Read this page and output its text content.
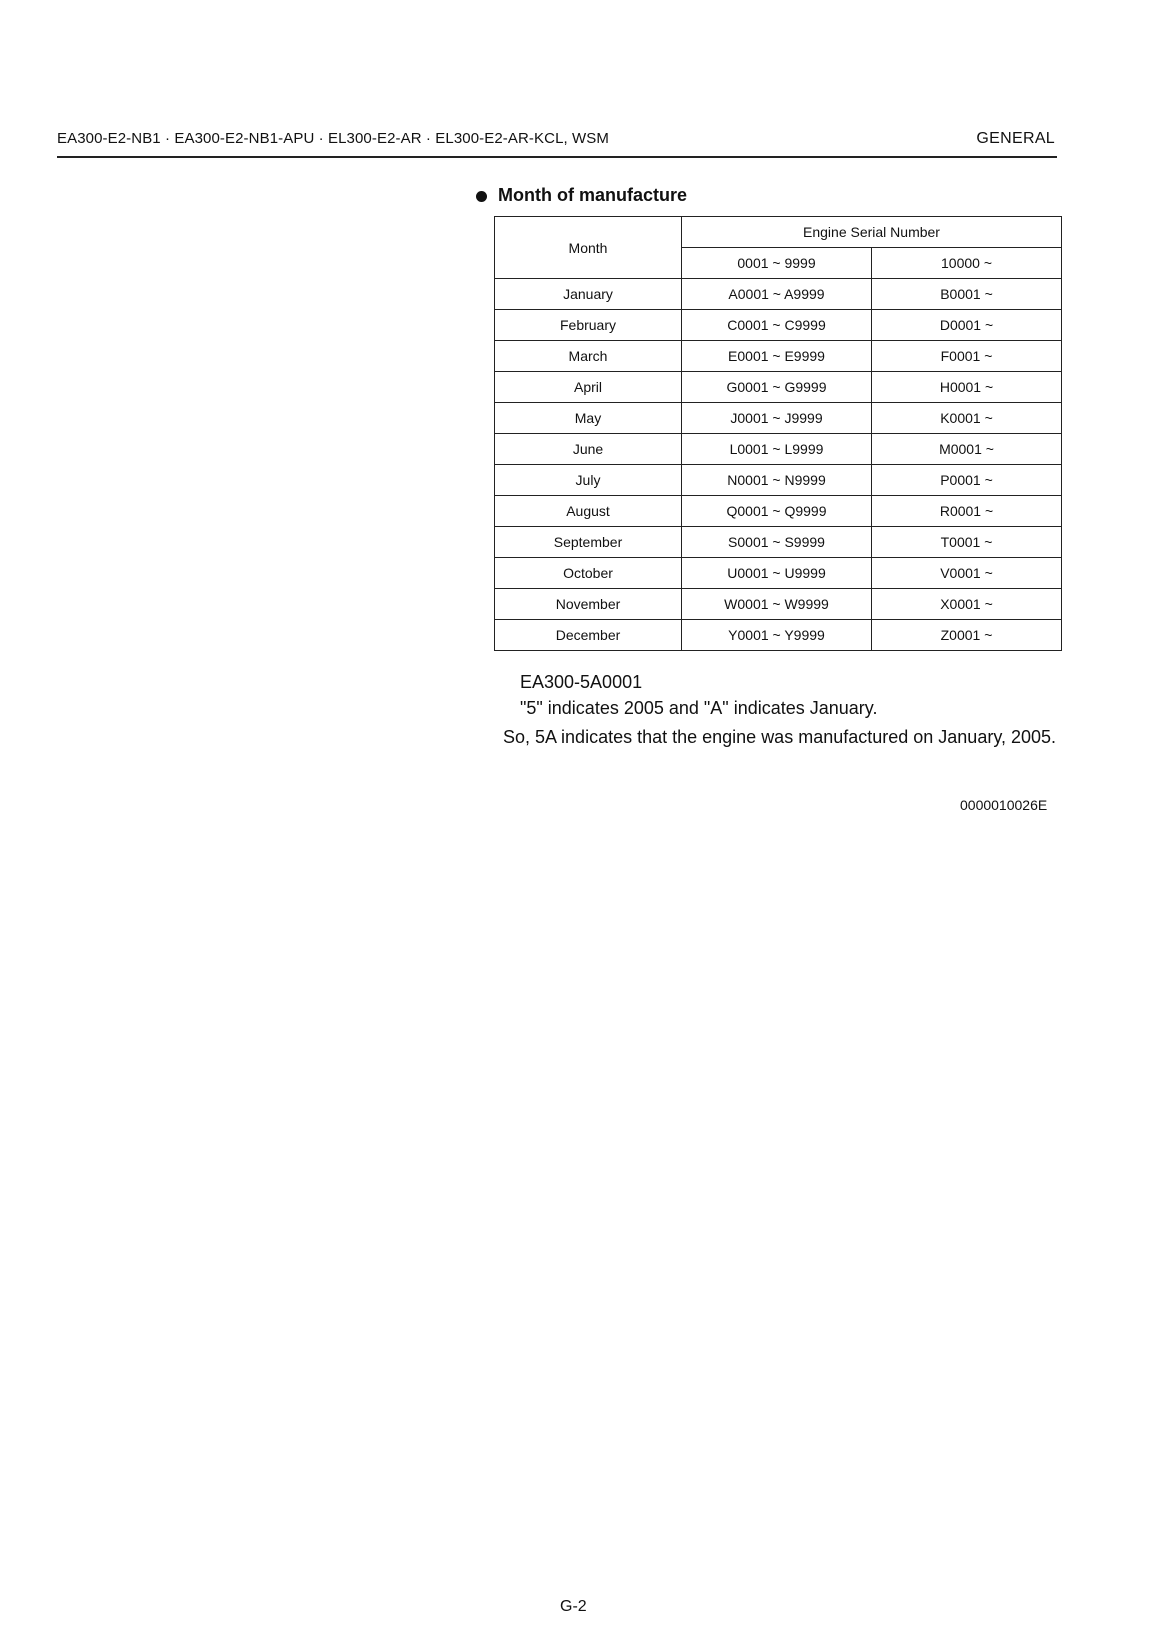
EA300-E2-NB1 · EA300-E2-NB1-APU · EL300-E2-AR · EL300-E2-AR-KCL, WSM	GENERAL
Month of manufacture
Month	Engine Serial Number	
	0001 ~ 9999	10000 ~
January	A0001 ~ A9999	B0001 ~
February	C0001 ~ C9999	D0001 ~
March	E0001 ~ E9999	F0001 ~
April	G0001 ~ G9999	H0001 ~
May	J0001 ~ J9999	K0001 ~
June	L0001 ~ L9999	M0001 ~
July	N0001 ~ N9999	P0001 ~
August	Q0001 ~ Q9999	R0001 ~
September	S0001 ~ S9999	T0001 ~
October	U0001 ~ U9999	V0001 ~
November	W0001 ~ W9999	X0001 ~
December	Y0001 ~ Y9999	Z0001 ~
EA300-5A0001
"5" indicates 2005 and "A" indicates January.
So, 5A indicates that the engine was manufactured on January, 2005.
0000010026E
G-2
